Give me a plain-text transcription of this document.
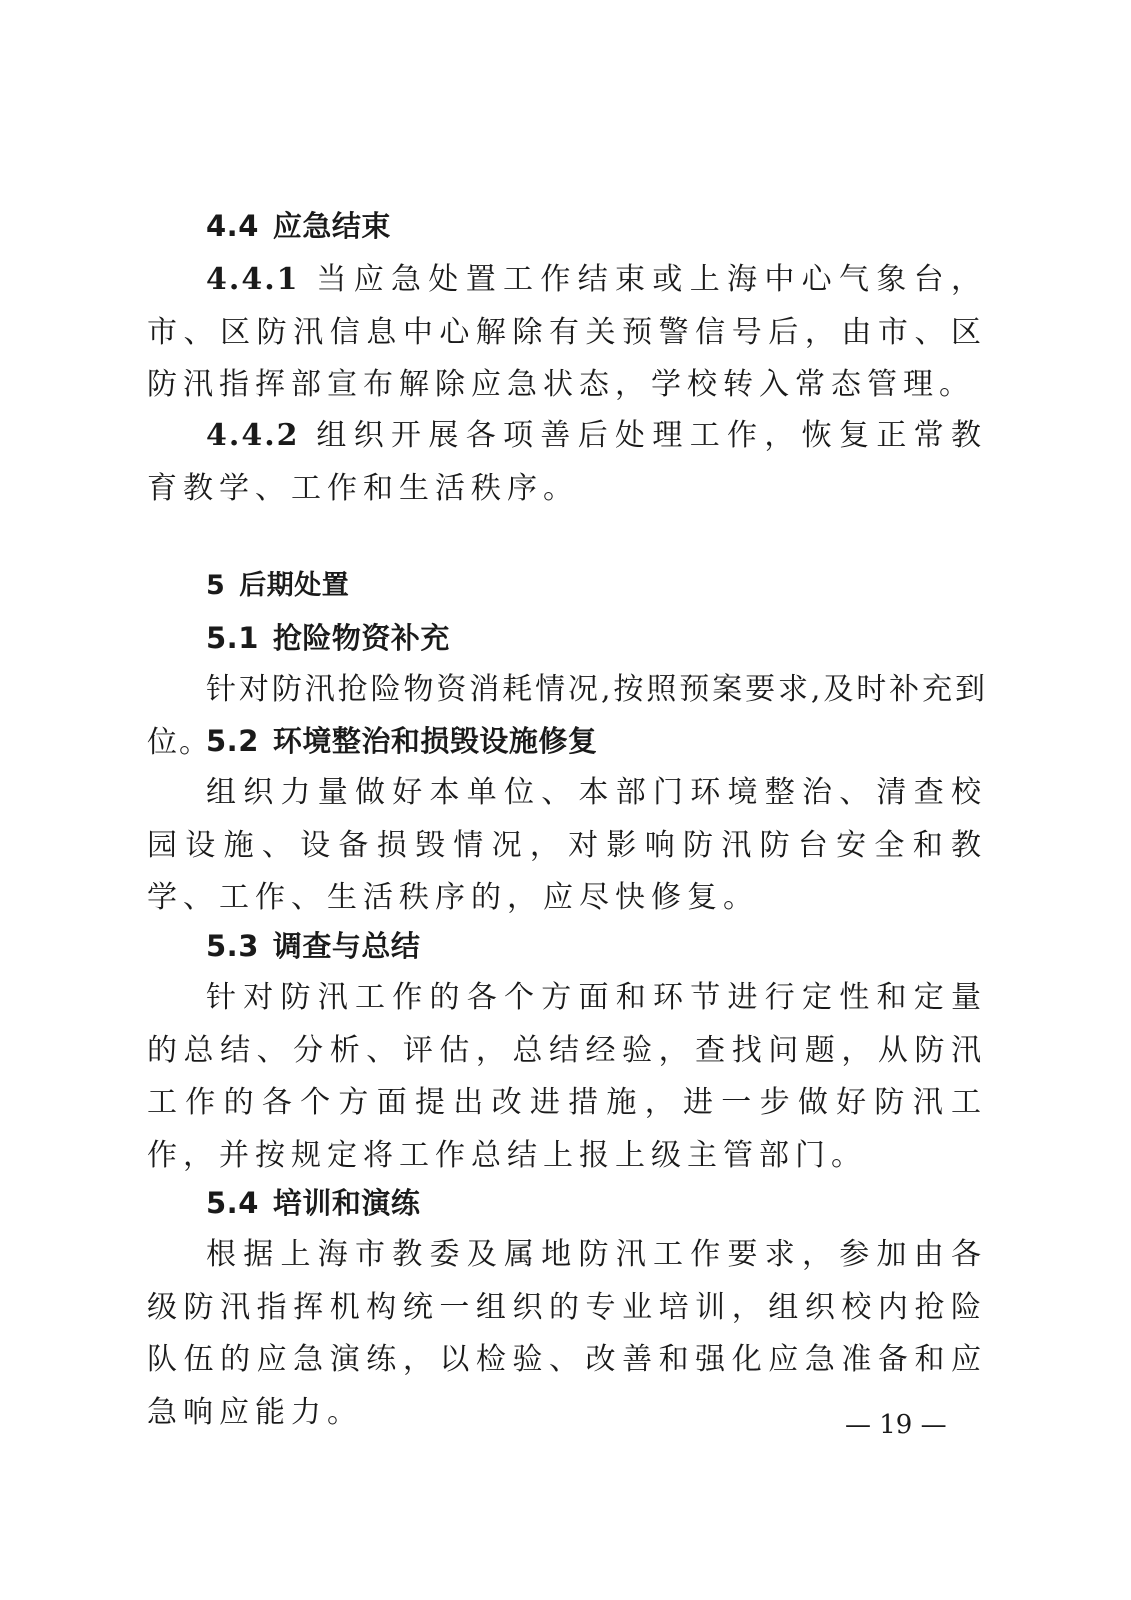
4.4 应急结束

4.4.1 当应急处置工作结束或上海中心气象台，市、区防汛信息中心解除有关预警信号后，由市、区防汛指挥部宣布解除应急状态，学校转入常态管理。

4.4.2 组织开展各项善后处理工作，恢复正常教育教学、工作和生活秩序。

5 后期处置
5.1 抢险物资补充

针对防汛抢险物资消耗情况,按照预案要求,及时补充到位。

5.2 环境整治和损毁设施修复

组织力量做好本单位、本部门环境整治、清查校园设施、设备损毁情况，对影响防汛防台安全和教学、工作、生活秩序的，应尽快修复。

5.3 调查与总结

针对防汛工作的各个方面和环节进行定性和定量的总结、分析、评估，总结经验，查找问题，从防汛工作的各个方面提出改进措施，进一步做好防汛工作，并按规定将工作总结上报上级主管部门。

5.4 培训和演练

根据上海市教委及属地防汛工作要求，参加由各级防汛指挥机构统一组织的专业培训，组织校内抢险队伍的应急演练，以检验、改善和强化应急准备和应急响应能力。	— 19 —
